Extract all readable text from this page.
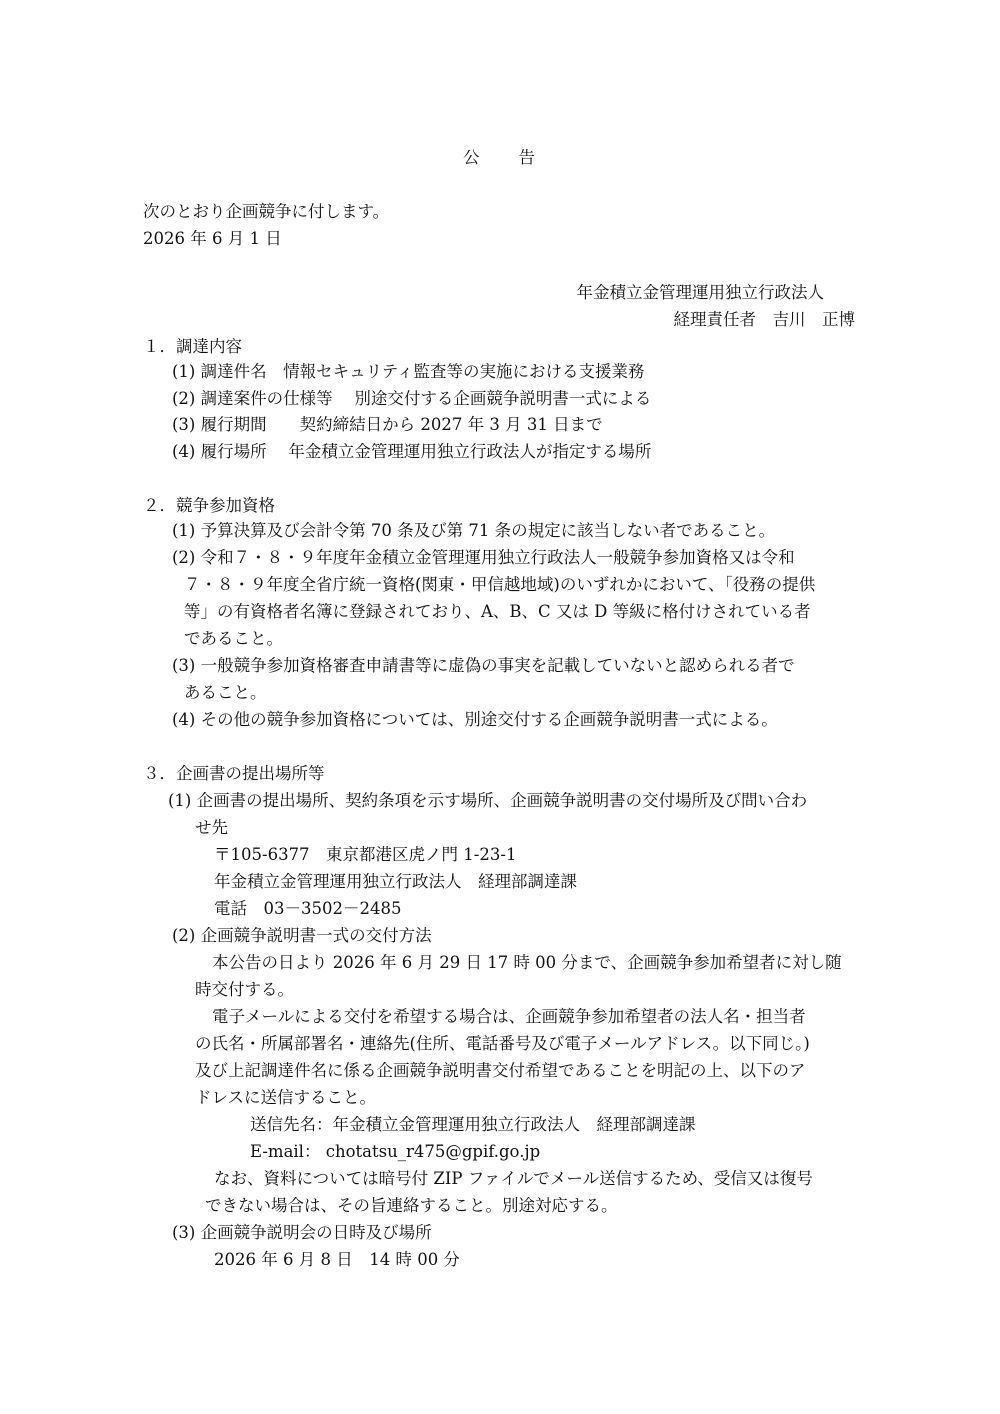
公　　告
次のとおり企画競争に付します。
2026 年 6 月 1 日
年金積立金管理運用独立行政法人
経理責任者　吉川　正博
１．調達内容
(1) 調達件名　情報セキュリティ監査等の実施における支援業務
(2) 調達案件の仕様等　 別途交付する企画競争説明書一式による
(3) 履行期間　　契約締結日から 2027 年 3 月 31 日まで
(4) 履行場所　 年金積立金管理運用独立行政法人が指定する場所
２．競争参加資格
(1) 予算決算及び会計令第 70 条及び第 71 条の規定に該当しない者であること。
(2) 令和７・８・９年度年金積立金管理運用独立行政法人一般競争参加資格又は令和
７・８・９年度全省庁統一資格(関東・甲信越地域)のいずれかにおいて、「役務の提供
等」の有資格者名簿に登録されており、A、B、C 又は D 等級に格付けされている者
であること。
(3) 一般競争参加資格審査申請書等に虚偽の事実を記載していないと認められる者で
あること。
(4) その他の競争参加資格については、別途交付する企画競争説明書一式による。
３．企画書の提出場所等
(1) 企画書の提出場所、契約条項を示す場所、企画競争説明書の交付場所及び問い合わ
せ先
〒105-6377　東京都港区虎ノ門 1-23-1
年金積立金管理運用独立行政法人　経理部調達課
電話　03－3502－2485
(2) 企画競争説明書一式の交付方法
本公告の日より 2026 年 6 月 29 日 17 時 00 分まで、企画競争参加希望者に対し随
時交付する。
電子メールによる交付を希望する場合は、企画競争参加希望者の法人名・担当者
の氏名・所属部署名・連絡先(住所、電話番号及び電子メールアドレス。以下同じ。)
及び上記調達件名に係る企画競争説明書交付希望であることを明記の上、以下のア
ドレスに送信すること。
送信先名：年金積立金管理運用独立行政法人　経理部調達課
E-mail： chotatsu_r475@gpif.go.jp
なお、資料については暗号付 ZIP ファイルでメール送信するため、受信又は復号
できない場合は、その旨連絡すること。別途対応する。
(3) 企画競争説明会の日時及び場所
2026 年 6 月 8 日　14 時 00 分
